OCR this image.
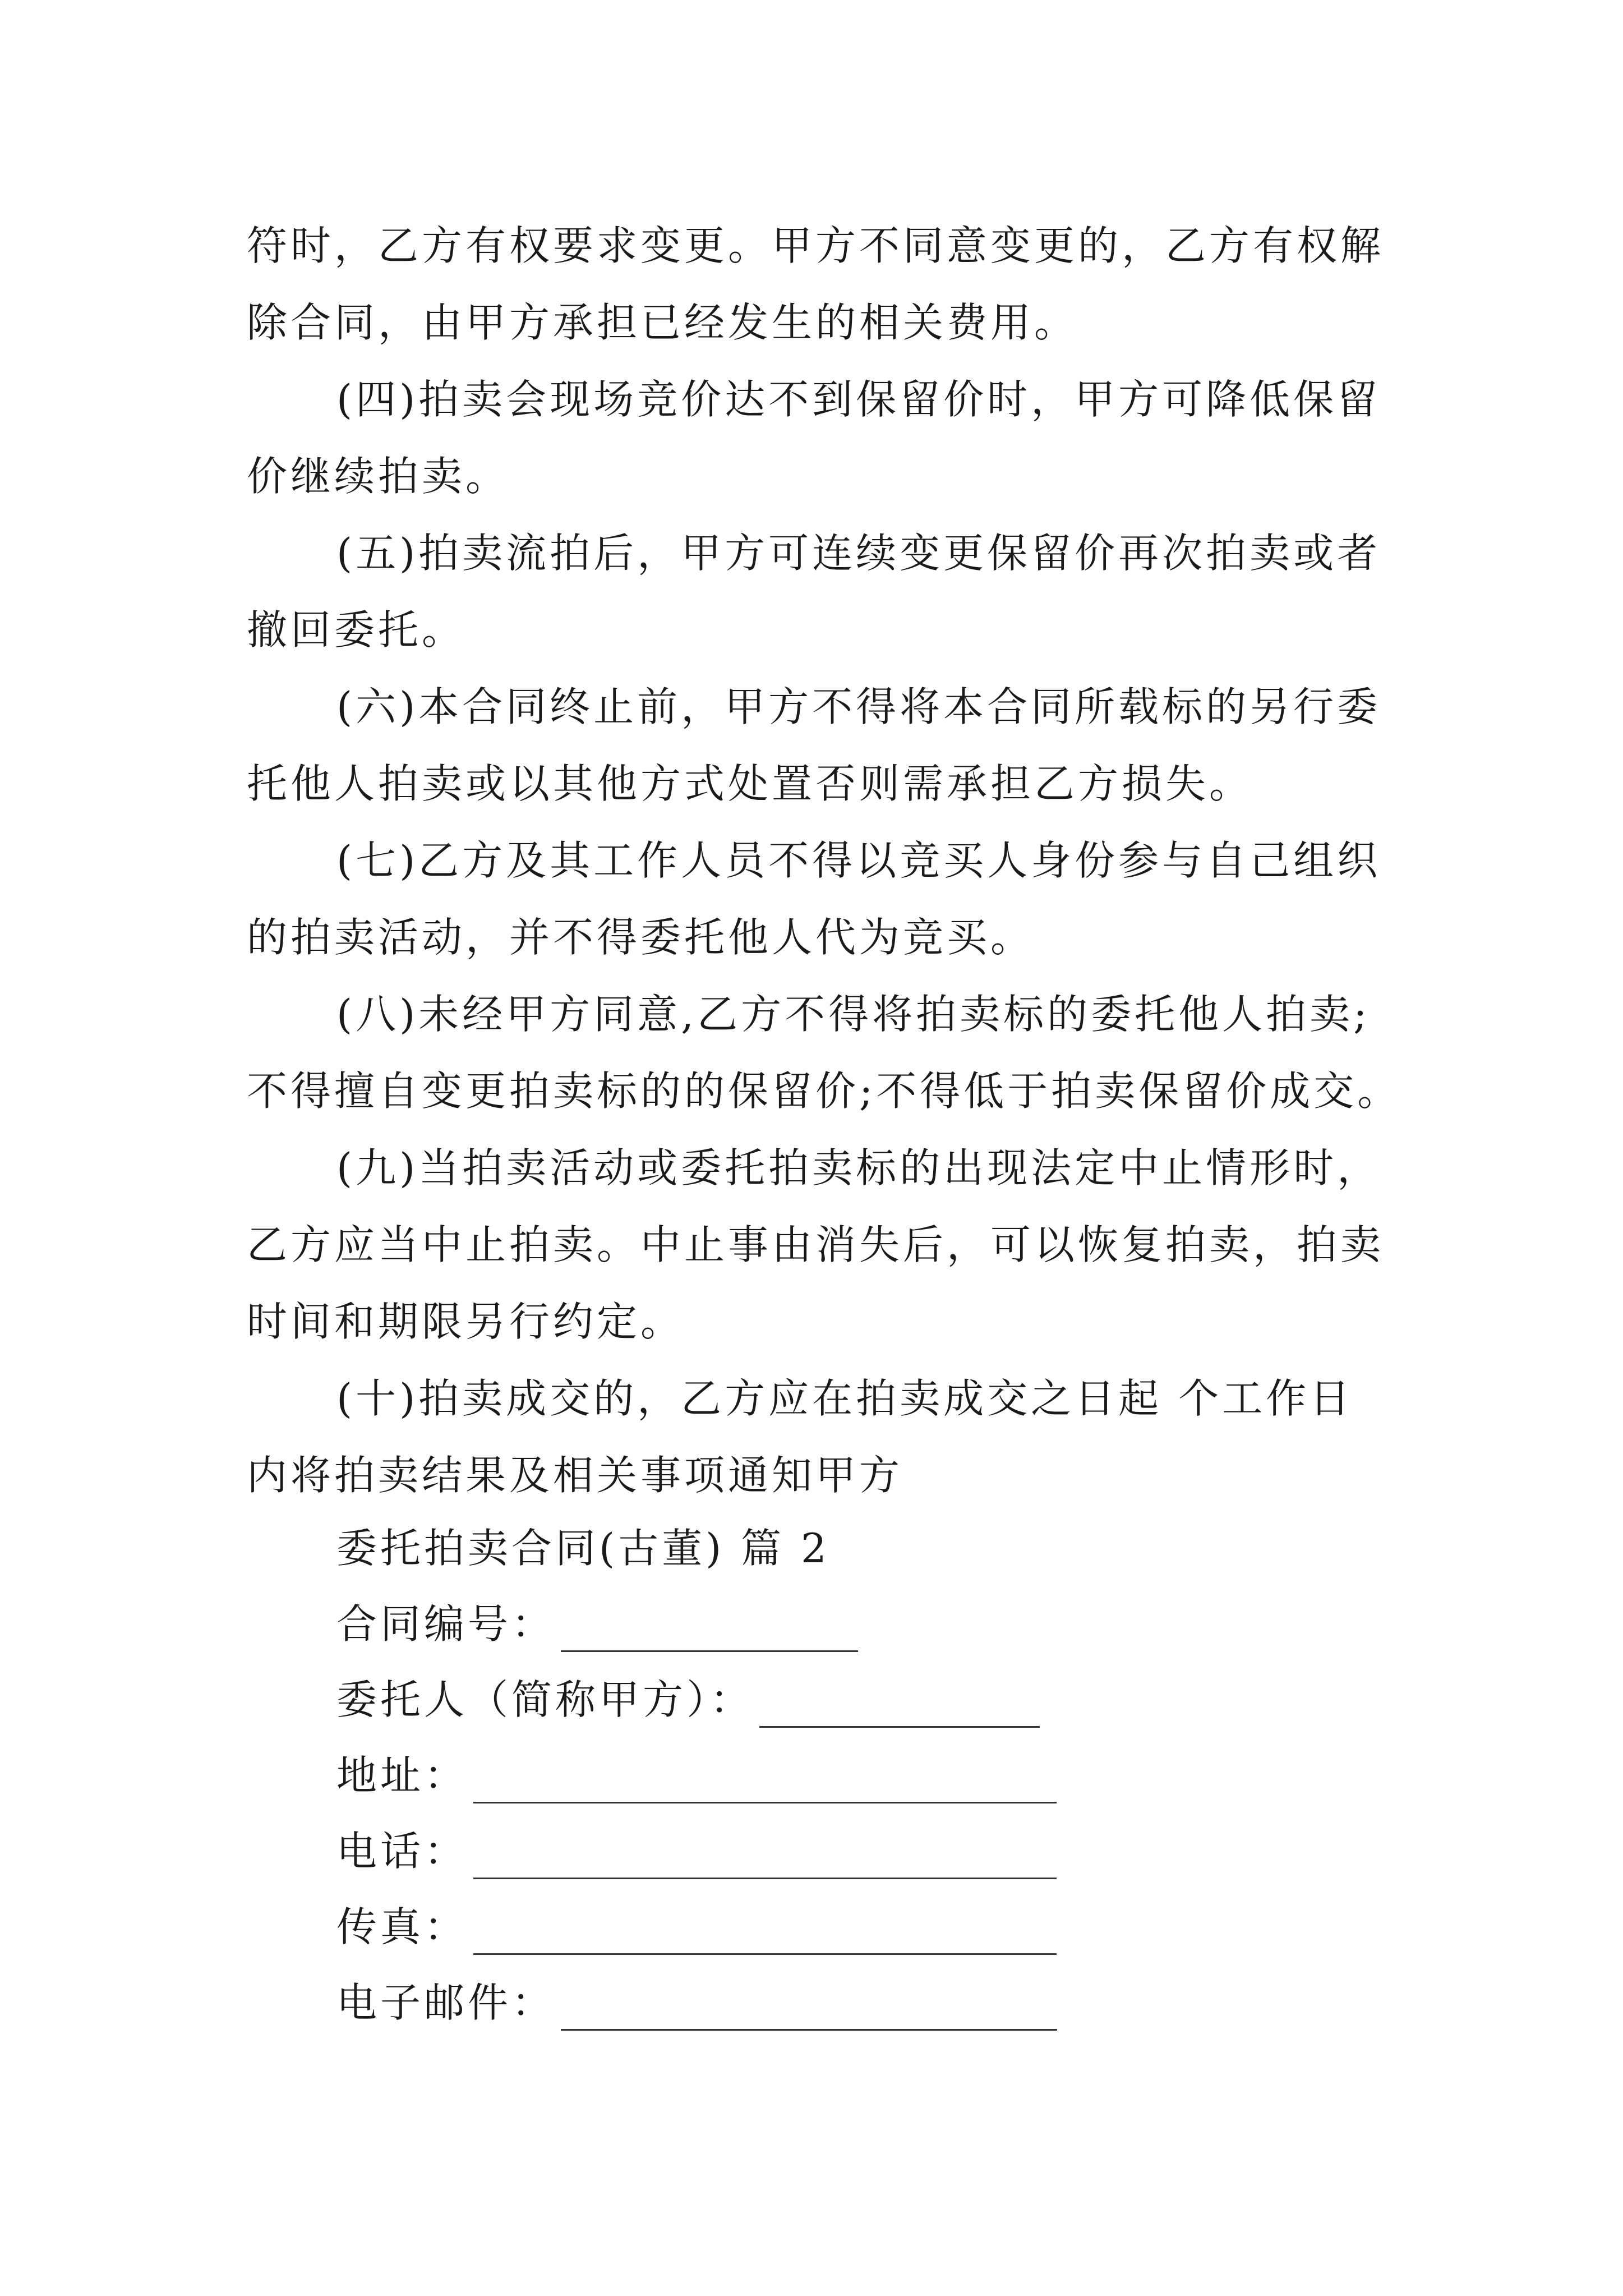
符时，乙方有权要求变更。甲方不同意变更的，乙方有权解
除合同，由甲方承担已经发生的相关费用。
(四)拍卖会现场竞价达不到保留价时，甲方可降低保留
价继续拍卖。
(五)拍卖流拍后，甲方可连续变更保留价再次拍卖或者
撤回委托。
(六)本合同终止前，甲方不得将本合同所载标的另行委
托他人拍卖或以其他方式处置否则需承担乙方损失。
(七)乙方及其工作人员不得以竞买人身份参与自己组织
的拍卖活动，并不得委托他人代为竞买。
(八)未经甲方同意,乙方不得将拍卖标的委托他人拍卖;
不得擅自变更拍卖标的的保留价;不得低于拍卖保留价成交。
(九)当拍卖活动或委托拍卖标的出现法定中止情形时，
乙方应当中止拍卖。中止事由消失后，可以恢复拍卖，拍卖
时间和期限另行约定。
(十)拍卖成交的，乙方应在拍卖成交之日起 个工作日
内将拍卖结果及相关事项通知甲方
委托拍卖合同(古董) 篇 2
合同编号：
委托人（简称甲方）：
地址：
电话：
传真：
电子邮件：
